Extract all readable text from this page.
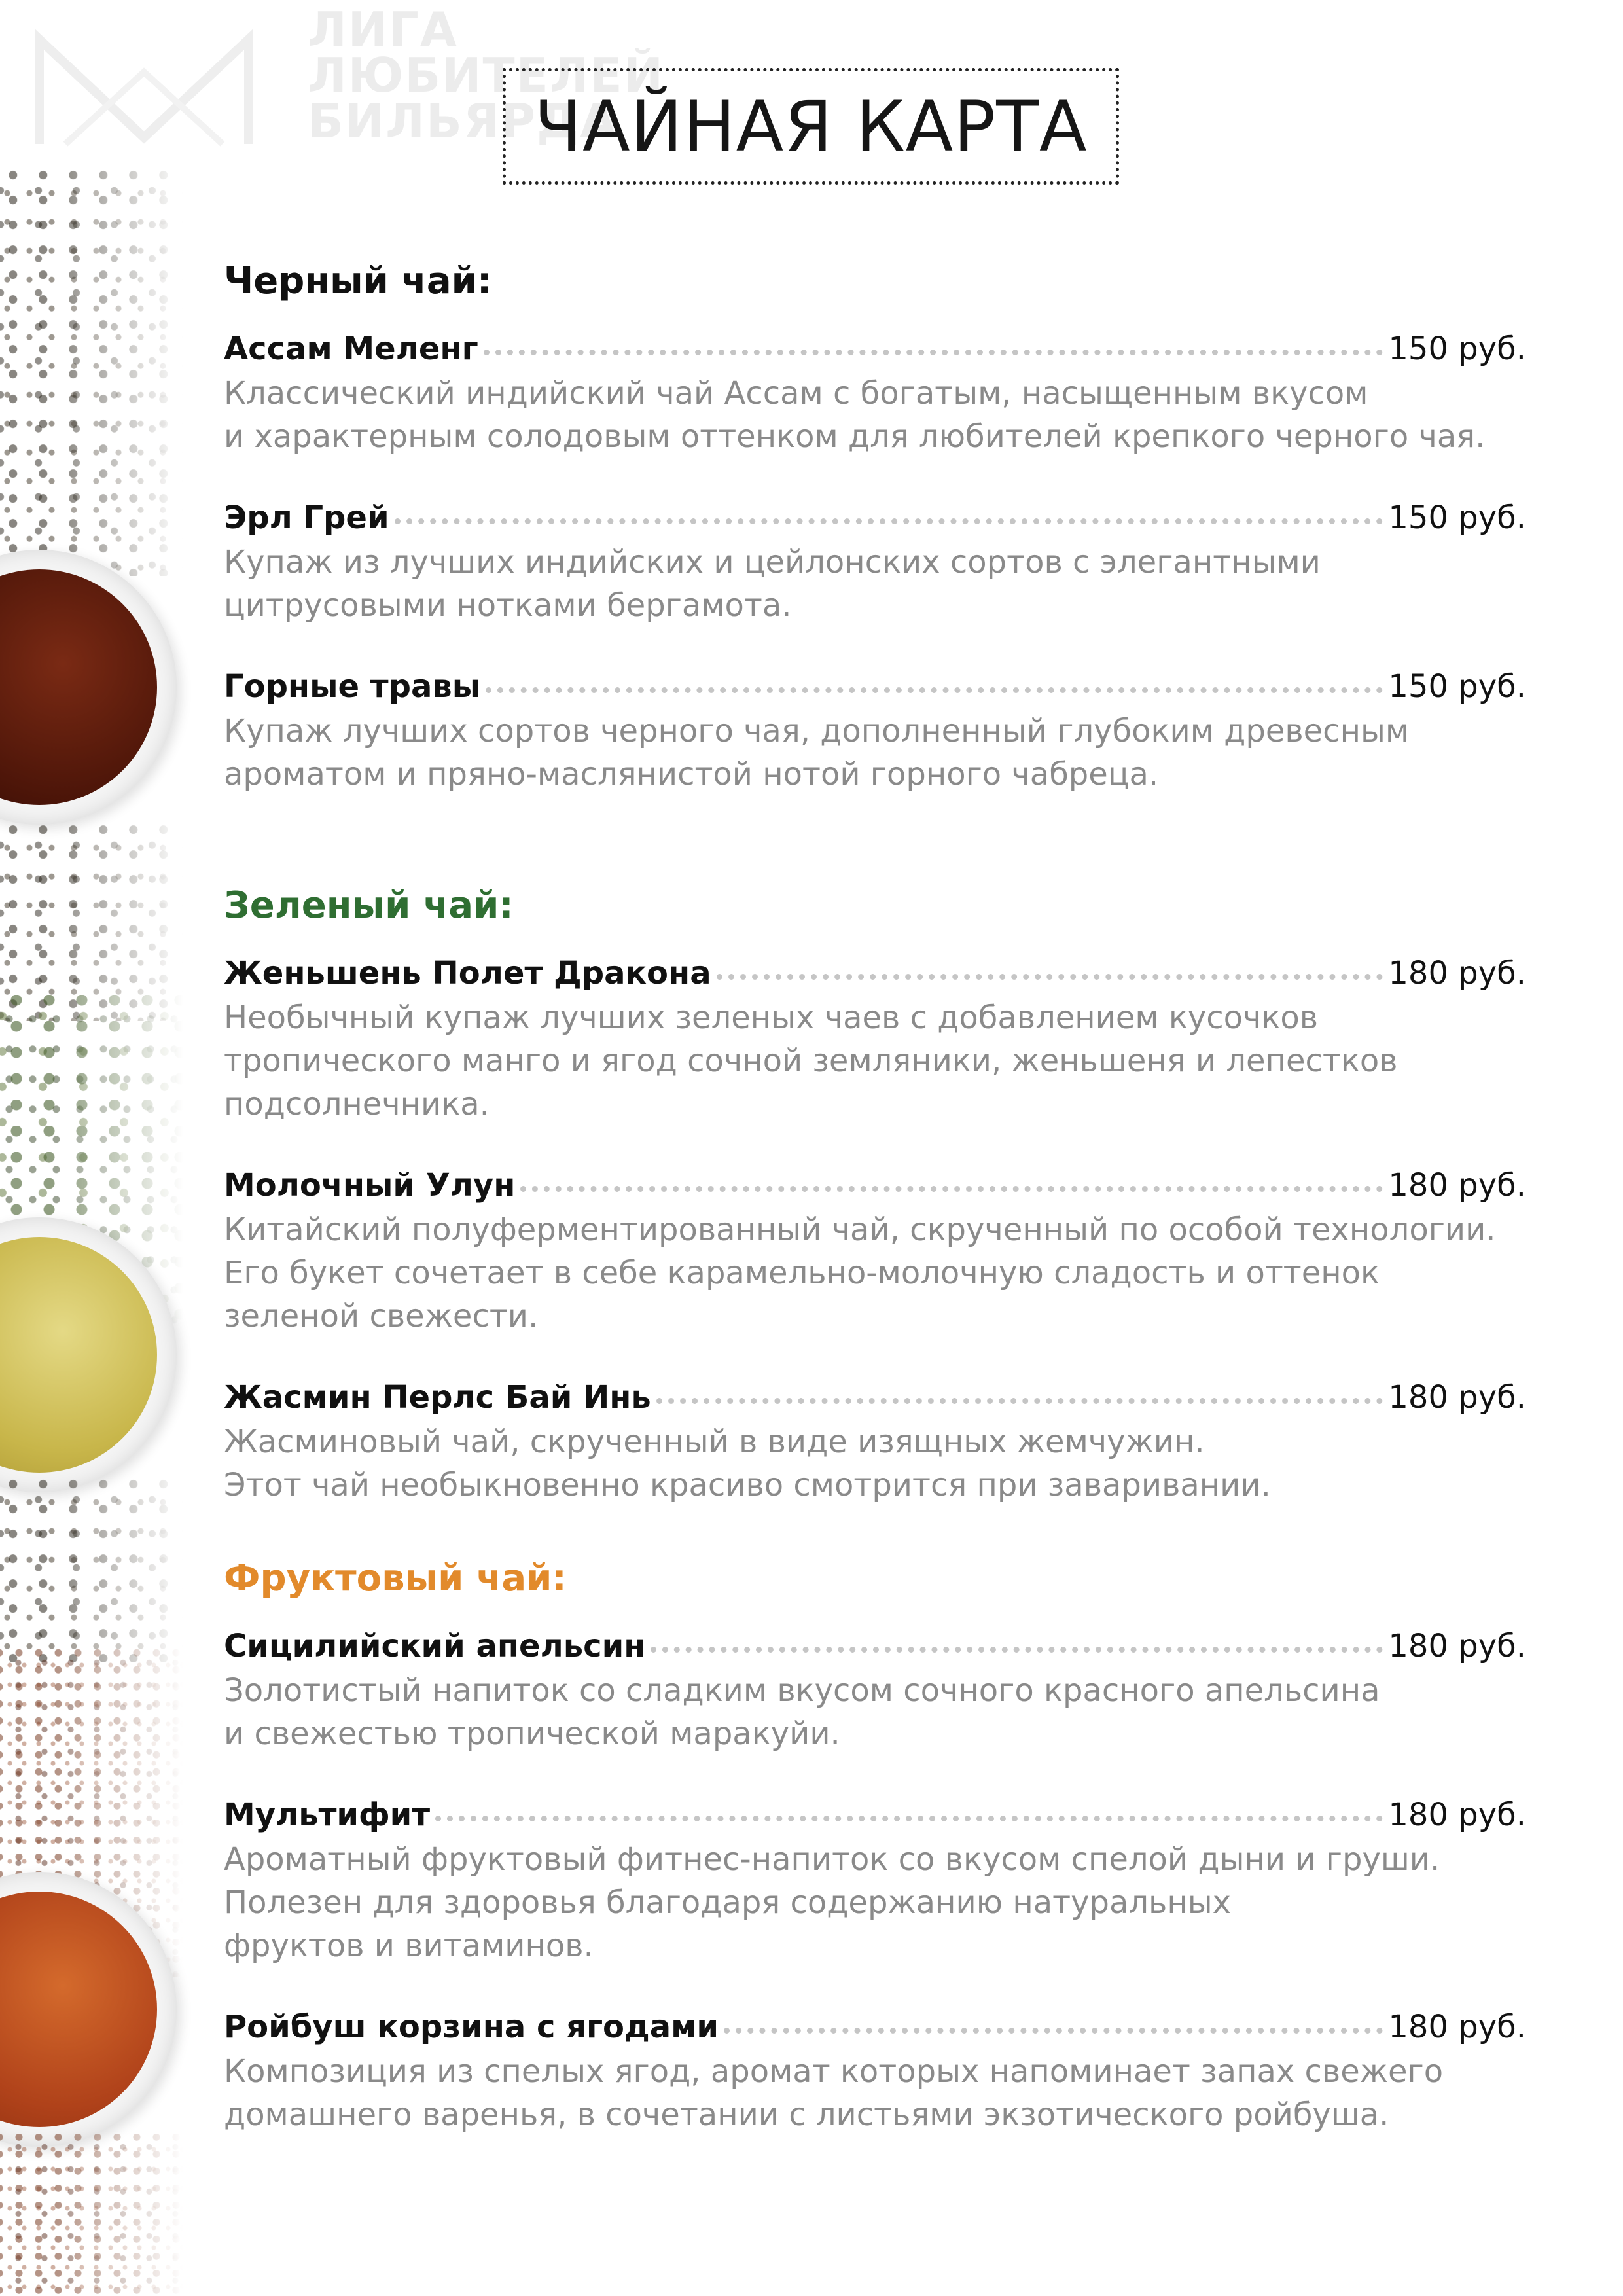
ЛИГА
ЛЮБИТЕЛЕЙ
БИЛЬЯРДА
ЧАЙНАЯ КАРТА
Черный чай:
Ассам Меленг	150 руб.
Классический индийский чай Ассам с богатым, насыщенным вкусом
и характерным солодовым оттенком для любителей крепкого черного чая.
Эрл Грей	150 руб.
Купаж из лучших индийских и цейлонских сортов с элегантными
цитрусовыми нотками бергамота.
Горные травы	150 руб.
Купаж лучших сортов черного чая, дополненный глубоким древесным
ароматом и пряно-маслянистой нотой горного чабреца.
Зеленый чай:
Женьшень Полет Дракона	180 руб.
Необычный купаж лучших зеленых чаев с добавлением кусочков
тропического манго и ягод сочной земляники, женьшеня и лепестков
подсолнечника.
Молочный Улун	180 руб.
Китайский полуферментированный чай, скрученный по особой технологии.
Его букет сочетает в себе карамельно-молочную сладость и оттенок
зеленой свежести.
Жасмин Перлс Бай Инь	180 руб.
Жасминовый чай, скрученный в виде изящных жемчужин.
Этот чай необыкновенно красиво смотрится при заваривании.
Фруктовый чай:
Сицилийский апельсин	180 руб.
Золотистый напиток со сладким вкусом сочного красного апельсина
и свежестью тропической маракуйи.
Мультифит	180 руб.
Ароматный фруктовый фитнес-напиток со вкусом спелой дыни и груши.
Полезен для здоровья благодаря содержанию натуральных
фруктов и витаминов.
Ройбуш корзина с ягодами	180 руб.
Композиция из спелых ягод, аромат которых напоминает запах свежего
домашнего варенья, в сочетании с листьями экзотического ройбуша.
